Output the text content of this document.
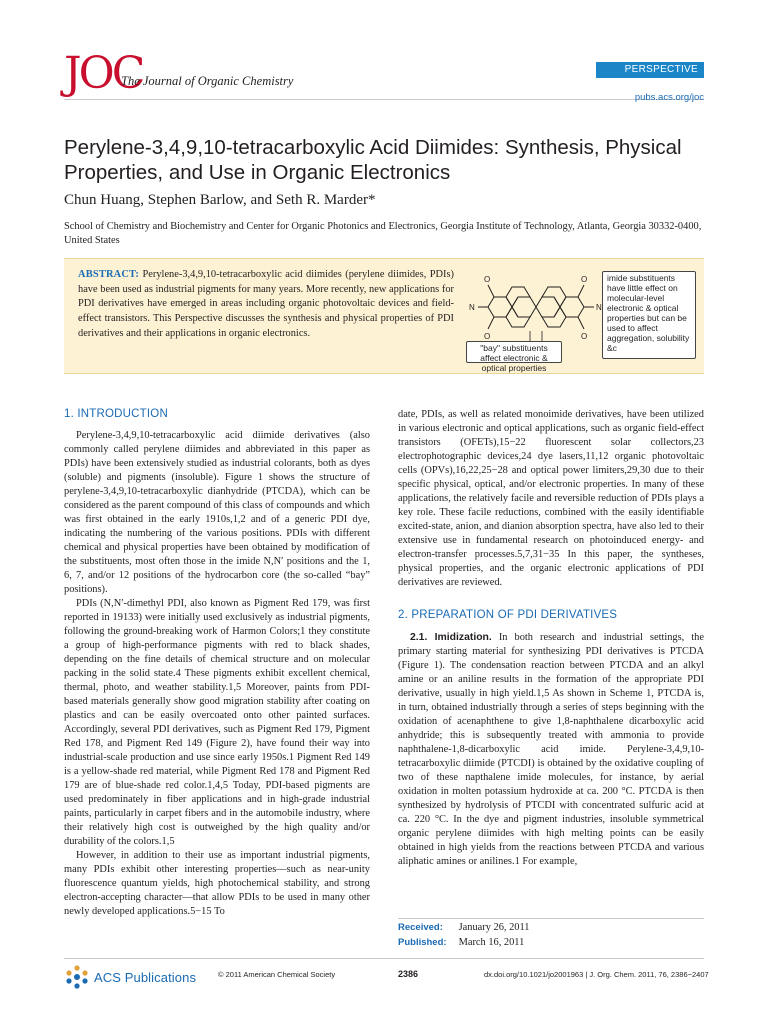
JOC
The Journal of Organic Chemistry
PERSPECTIVE
pubs.acs.org/joc
Perylene-3,4,9,10-tetracarboxylic Acid Diimides: Synthesis, Physical Properties, and Use in Organic Electronics
Chun Huang, Stephen Barlow, and Seth R. Marder*
School of Chemistry and Biochemistry and Center for Organic Photonics and Electronics, Georgia Institute of Technology, Atlanta, Georgia 30332-0400, United States

ABSTRACT: Perylene-3,4,9,10-tetracarboxylic acid diimides (perylene diimides, PDIs) have been used as industrial pigments for many years. More recently, new applications for PDI derivatives have emerged in areas including organic photovoltaic devices and field-effect transistors. This Perspective discusses the synthesis and physical properties of PDI derivatives and their applications in organic electronics.

O
O
O
O
N	N
imide substituents have little effect on molecular-level electronic & optical properties but can be used to affect aggregation, solubility &c
"bay" substituents affect electronic & optical properties
1. INTRODUCTION

Perylene-3,4,9,10-tetracarboxylic acid diimide derivatives (also commonly called perylene diimides and abbreviated in this paper as PDIs) have been extensively studied as industrial colorants, both as dyes (soluble) and pigments (insoluble). Figure 1 shows the structure of perylene-3,4,9,10-tetracarboxylic dianhydride (PTCDA), which can be considered as the parent compound of this class of compounds and which was first obtained in the early 1910s,1,2 and of a generic PDI dye, indicating the numbering of the various positions. PDIs with different chemical and physical properties have been obtained by modification of the substituents, most often those in the imide N,N′ positions and the 1, 6, 7, and/or 12 positions of the hydrocarbon core (the so-called “bay” positions).

PDIs (N,N′-dimethyl PDI, also known as Pigment Red 179, was first reported in 19133) were initially used exclusively as industrial pigments, following the ground-breaking work of Harmon Colors;1 they constitute a group of high-performance pigments with red to black shades, depending on the fine details of chemical structure and on molecular packing in the solid state.4 These pigments exhibit excellent chemical, thermal, photo, and weather stability.1,5 Moreover, paints from PDI-based materials generally show good migration stability after coating on plastics and can be easily overcoated onto other painted surfaces. Accordingly, several PDI derivatives, such as Pigment Red 179, Pigment Red 178, and Pigment Red 149 (Figure 2), have found their way into industrial-scale production and use since early 1950s.1 Pigment Red 149 is a yellow-shade red material, while Pigment Red 178 and Pigment Red 179 are of blue-shade red color.1,4,5 Today, PDI-based pigments are used predominately in fiber applications and in high-grade industrial paints, particularly in carpet fibers and in the automobile industry, where their relatively high cost is outweighed by the high quality and/or durability of the colors.1,5

However, in addition to their use as important industrial pigments, many PDIs exhibit other interesting properties—such as near-unity fluorescence quantum yields, high photochemical stability, and strong electron-accepting character—that allow PDIs to be used in many other newly developed applications.5−15 To

date, PDIs, as well as related monoimide derivatives, have been utilized in various electronic and optical applications, such as organic field-effect transistors (OFETs),15−22 fluorescent solar collectors,23 electrophotographic devices,24 dye lasers,11,12 organic photovoltaic cells (OPVs),16,22,25−28 and optical power limiters,29,30 due to their specific physical, optical, and/or electronic properties. In many of these applications, the relatively facile and reversible reduction of PDIs plays a key role. These facile reductions, combined with the easily identifiable excited-state, anion, and dianion absorption spectra, have also led to their extensive use in fundamental research on photoinduced energy- and electron-transfer processes.5,7,31−35 In this paper, the syntheses, physical properties, and the organic electronic applications of PDI derivatives are reviewed.

2. PREPARATION OF PDI DERIVATIVES

2.1. Imidization. In both research and industrial settings, the primary starting material for synthesizing PDI derivatives is PTCDA (Figure 1). The condensation reaction between PTCDA and an alkyl amine or an aniline results in the formation of the appropriate PDI derivative, usually in high yield.1,5 As shown in Scheme 1, PTCDA is, in turn, obtained industrially through a series of steps beginning with the oxidation of acenaphthene to give 1,8-naphthalene dicarboxylic acid anhydride; this is subsequently treated with ammonia to provide naphthalene-1,8-dicarboxylic acid imide. Perylene-3,4,9,10-tetracarboxylic diimide (PTCDI) is obtained by the oxidative coupling of two of these napthalene imide molecules, for instance, by aerial oxidation in molten potassium hydroxide at ca. 200 °C. PTCDA is then synthesized by hydrolysis of PTCDI with concentrated sulfuric acid at ca. 220 °C. In the dye and pigment industries, insoluble symmetrical organic perylene diimides with high melting points can be easily obtained in high yields from the reactions between PTCDA and various aliphatic amines or anilines.1 For example,

Received: January 26, 2011
Published: March 16, 2011
ACS Publications	© 2011 American Chemical Society	2386	dx.doi.org/10.1021/jo2001963 | J. Org. Chem. 2011, 76, 2386−2407
